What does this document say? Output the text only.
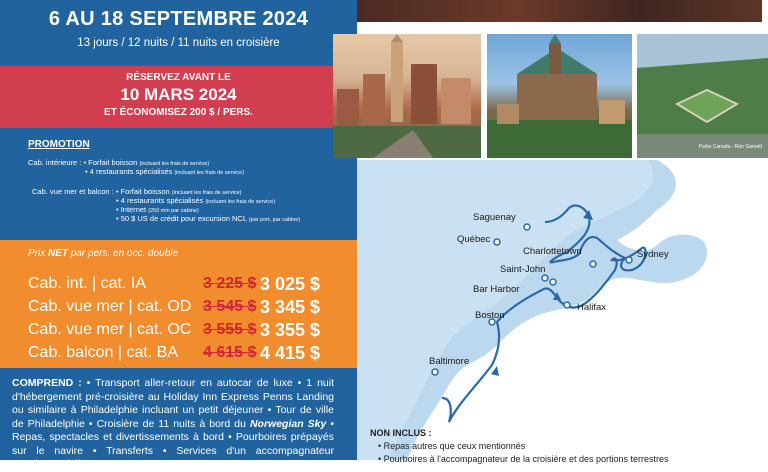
6 AU 18 SEPTEMBRE 2024
13 jours / 12 nuits / 11 nuits en croisière
RÉSERVEZ AVANT LE
10 MARS 2024
ET ÉCONOMISEZ 200 $ / PERS.
PROMOTION
Cab. intérieure : • Forfait boisson (incluant les frais de service)
• 4 restaurants spécialisés (incluant les frais de service)
Cab. vue mer et balcon : • Forfait boisson (incluant les frais de service)
• 4 restaurants spécialisés (incluant les frais de service)
• Internet (250 min par cabine)
• 50 $ US de crédit pour excursion NCL (par port, par cabine)
Prix NET par pers. en occ. double
Cab. int. | cat. IA	3 225 $ 3 025 $
Cab. vue mer | cat. OD 3 545 $ 3 345 $
Cab. vue mer | cat. OC 3 555 $ 3 355 $
Cab. balcon | cat. BA 4 615 $ 4 415 $
COMPREND : • Transport aller-retour en autocar de luxe • 1 nuit d'hébergement pré-croisière au Holiday Inn Express Penns Landing ou similaire à Philadelphie incluant un petit déjeuner • Tour de ville de Philadelphie • Croisière de 11 nuits à bord du Norwegian Sky • Repas, spectacles et divertissements à bord • Pourboires prépayés sur le navire • Transferts • Services d'un accompagnateur Gendroncroisières • Taxes
Parks Canada - Ron Garnett
Saguenay
Québec
Charlottetown	Sydney
Saint-John
Bar Harbor
Halifax
Boston
Baltimore
NON INCLUS :
• Repas autres que ceux mentionnés
• Pourboires à l'accompagnateur de la croisière et des portions terrestres
